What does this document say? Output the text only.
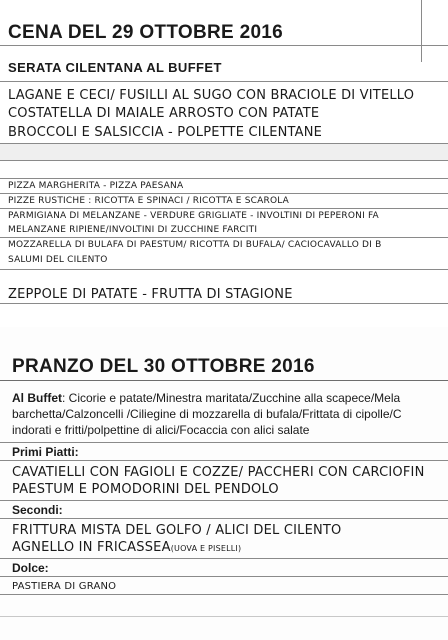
CENA DEL 29 OTTOBRE 2016
SERATA CILENTANA AL BUFFET
LAGANE E CECI/ FUSILLI AL SUGO CON BRACIOLE DI VITELLO
COSTATELLA DI MAIALE ARROSTO CON PATATE
BROCCOLI E SALSICCIA - POLPETTE CILENTANE
PIZZA MARGHERITA - PIZZA PAESANA
PIZZE RUSTICHE : RICOTTA E SPINACI / RICOTTA E SCAROLA
PARMIGIANA DI MELANZANE - VERDURE GRIGLIATE - INVOLTINI DI PEPERONI FA
MELANZANE RIPIENE/INVOLTINI DI ZUCCHINE FARCITI
MOZZARELLA DI BULAFA DI PAESTUM/ RICOTTA DI BUFALA/ CACIOCAVALLO DI B
SALUMI DEL CILENTO
ZEPPOLE DI PATATE - FRUTTA DI STAGIONE
PRANZO DEL 30 OTTOBRE 2016
Al Buffet: Cicorie e patate/Minestra maritata/Zucchine alla scapece/Mela
barchetta/Calzoncelli /Ciliegine di mozzarella di bufala/Frittata di cipolle/C
indorati e fritti/polpettine di alici/Focaccia con alici salate
Primi Piatti:
CAVATIELLI CON FAGIOLI E COZZE/ PACCHERI CON CARCIOFIN
PAESTUM E POMODORINI DEL PENDOLO
Secondi:
FRITTURA MISTA DEL GOLFO / ALICI DEL CILENTO
AGNELLO IN FRICASSEA(UOVA E PISELLI)
Dolce:
PASTIERA DI GRANO
